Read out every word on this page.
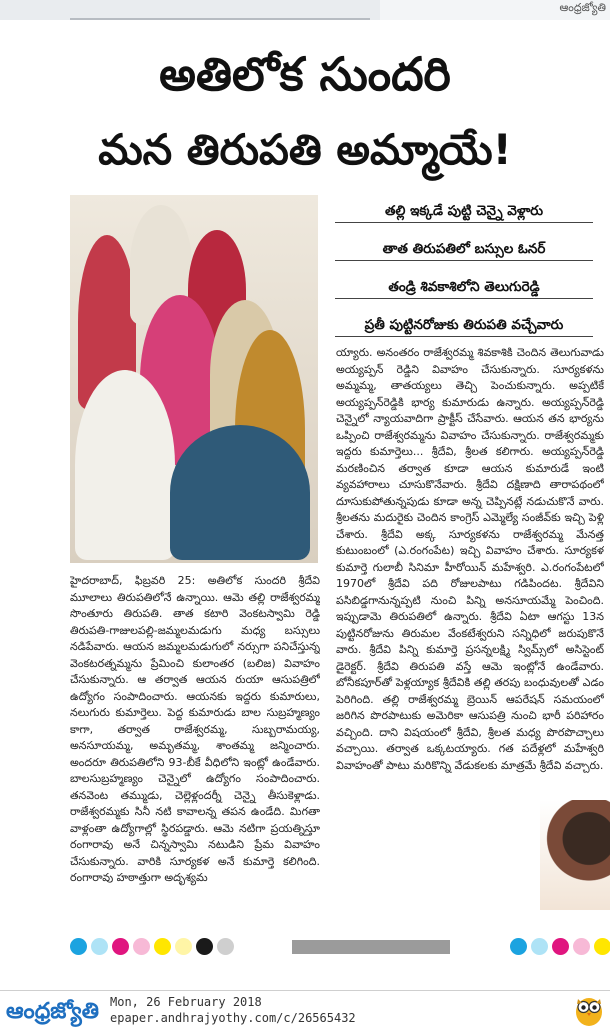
ఆంధ్రజ్యోతి
అతిలోక సుందరి
మన తిరుపతి అమ్మాయే!
తల్లి ఇక్కడే పుట్టి చెన్నై వెళ్లారు
తాత తిరుపతిలో బస్సుల ఓనర్
తండ్రి శివకాశిలోని తెలుగురెడ్డి
ప్రతీ పుట్టినరోజుకు తిరుపతి వచ్చేవారు
హైదరాబాద్, ఫిబ్రవరి 25: అతిలోక సుందరి శ్రీదేవి మూలాలు తిరుపతిలోనే ఉన్నాయి. ఆమె తల్లి రాజేశ్వరమ్మ సొంతూరు తిరుపతి. తాత కటారి వెంకటస్వామి రెడ్డి తిరుపతి-గాజులపల్లి-జమ్మలమడుగు మధ్య బస్సులు నడిపేవారు. ఆయన జమ్మలమడుగులో నర్సుగా పనిచేస్తున్న వెంకటరత్నమ్మను ప్రేమించి కులాంతర (బలిజ) వివాహం చేసుకున్నారు. ఆ తర్వాత ఆయన రుయా ఆసుపత్రిలో ఉద్యోగం సంపాదించారు. ఆయనకు ఇద్దరు కుమారులు, నలుగురు కుమార్తెలు. పెద్ద కుమారుడు బాల సుబ్రహ్మణ్యం కాగా, తర్వాత రాజేశ్వరమ్మ, సుబ్బరామయ్య, అనసూయమ్మ, అమృతమ్మ, శాంతమ్మ జన్మించారు. అందరూ తిరుపతిలోని 93-బీకే వీధిలోని ఇంట్లో ఉండేవారు. బాలసుబ్రహ్మణ్యం చెన్నైలో ఉద్యోగం సంపాదించారు. తనవెంట తమ్ముడు, చెల్లెళ్లందర్నీ చెన్నై తీసుకెళ్లాడు. రాజేశ్వరమ్మకు సినీ నటి కావాలన్న తపన ఉండేది. మిగతా వాళ్లంతా ఉద్యోగాల్లో స్థిరపడ్డారు. ఆమె నటిగా ప్రయత్నిస్తూ రంగారావు అనే చిన్నస్వామి నటుడిని ప్రేమ వివాహం చేసుకున్నారు. వారికి సూర్యకళ అనే కుమార్తె కలిగింది. రంగారావు హఠాత్తుగా అదృశ్యమ
య్యారు. అనంతరం రాజేశ్వరమ్మ శివకాశికి చెందిన తెలుగువాడు అయ్యప్పన్ రెడ్డిని వివాహం చేసుకున్నారు. సూర్యకళను అమ్మమ్మ, తాతయ్యలు తెచ్చి పెంచుకున్నారు. అప్పటికే అయ్యప్పన్‌రెడ్డికి భార్య కుమారుడు ఉన్నారు. అయ్యప్పన్‌రెడ్డి చెన్నైలో న్యాయవాదిగా ప్రాక్టీస్ చేసేవారు. ఆయన తన భార్యను ఒప్పించి రాజేశ్వరమ్మను వివాహం చేసుకున్నారు. రాజేశ్వరమ్మకు ఇద్దరు కుమార్తెలు... శ్రీదేవి, శ్రీలత కలిగారు. అయ్యప్పన్‌రెడ్డి మరణించిన తర్వాత కూడా ఆయన కుమారుడే ఇంటి వ్యవహారాలు చూసుకొనేవారు. శ్రీదేవి దక్షిణాది తారాపథంలో దూసుకుపోతున్నపుడు కూడా అన్న చెప్పినట్లే నడుచుకొనే వారు. శ్రీలతను మదురైకు చెందిన కాంగ్రెస్ ఎమ్మెల్యే సంజీవ్‌కు ఇచ్చి పెళ్లి చేశారు. శ్రీదేవి అక్క సూర్యకళను రాజేశ్వరమ్మ మేనత్త కుటుంబంలో (ఎ.రంగంపేట) ఇచ్చి వివాహం చేశారు. సూర్యకళ కుమార్తె గులాబీ సినిమా హీరోయిన్ మహేశ్వరి. ఎ.రంగంపేటలో 1970లో శ్రీదేవి పది రోజులపాటు గడిపిందట. శ్రీదేవిని పసిబిడ్డగానున్నప్పటి నుంచి పిన్ని అనసూయమ్మే పెంచింది. ఇప్పుడామె తిరుపతిలో ఉన్నారు. శ్రీదేవి ఏటా ఆగస్టు 13న పుట్టినరోజును తిరుమల వేంకటేశ్వరుని సన్నిధిలో జరుపుకొనే వారు. శ్రీదేవి పిన్ని కుమార్తె ప్రసన్నలక్ష్మి స్విమ్స్‌లో అసిస్టెంట్ డైరెక్టర్. శ్రీదేవి తిరుపతి వస్తే ఆమె ఇంట్లోనే ఉండేవారు. బోనీకపూర్‌తో పెళ్లయ్యాక శ్రీదేవికి తల్లి తరపు బంధువులతో ఎడం పెరిగింది. తల్లి రాజేశ్వరమ్మ బ్రెయిన్ ఆపరేషన్ సమయంలో జరిగిన పొరపాటుకు అమెరికా ఆసుపత్రి నుంచి భారీ పరిహారం వచ్చింది. దాని విషయంలో శ్రీదేవి, శ్రీలత మధ్య పొరపొచ్చాలు వచ్చాయి. తర్వాత ఒక్కటయ్యారు. గత పదేళ్లలో మహేశ్వరి వివాహంతో పాటు మరికొన్ని వేడుకలకు మాత్రమే శ్రీదేవి వచ్చారు.
ఆంధ్రజ్యోతి Mon, 26 February 2018
epaper.andhrajyothy.com/c/26565432
